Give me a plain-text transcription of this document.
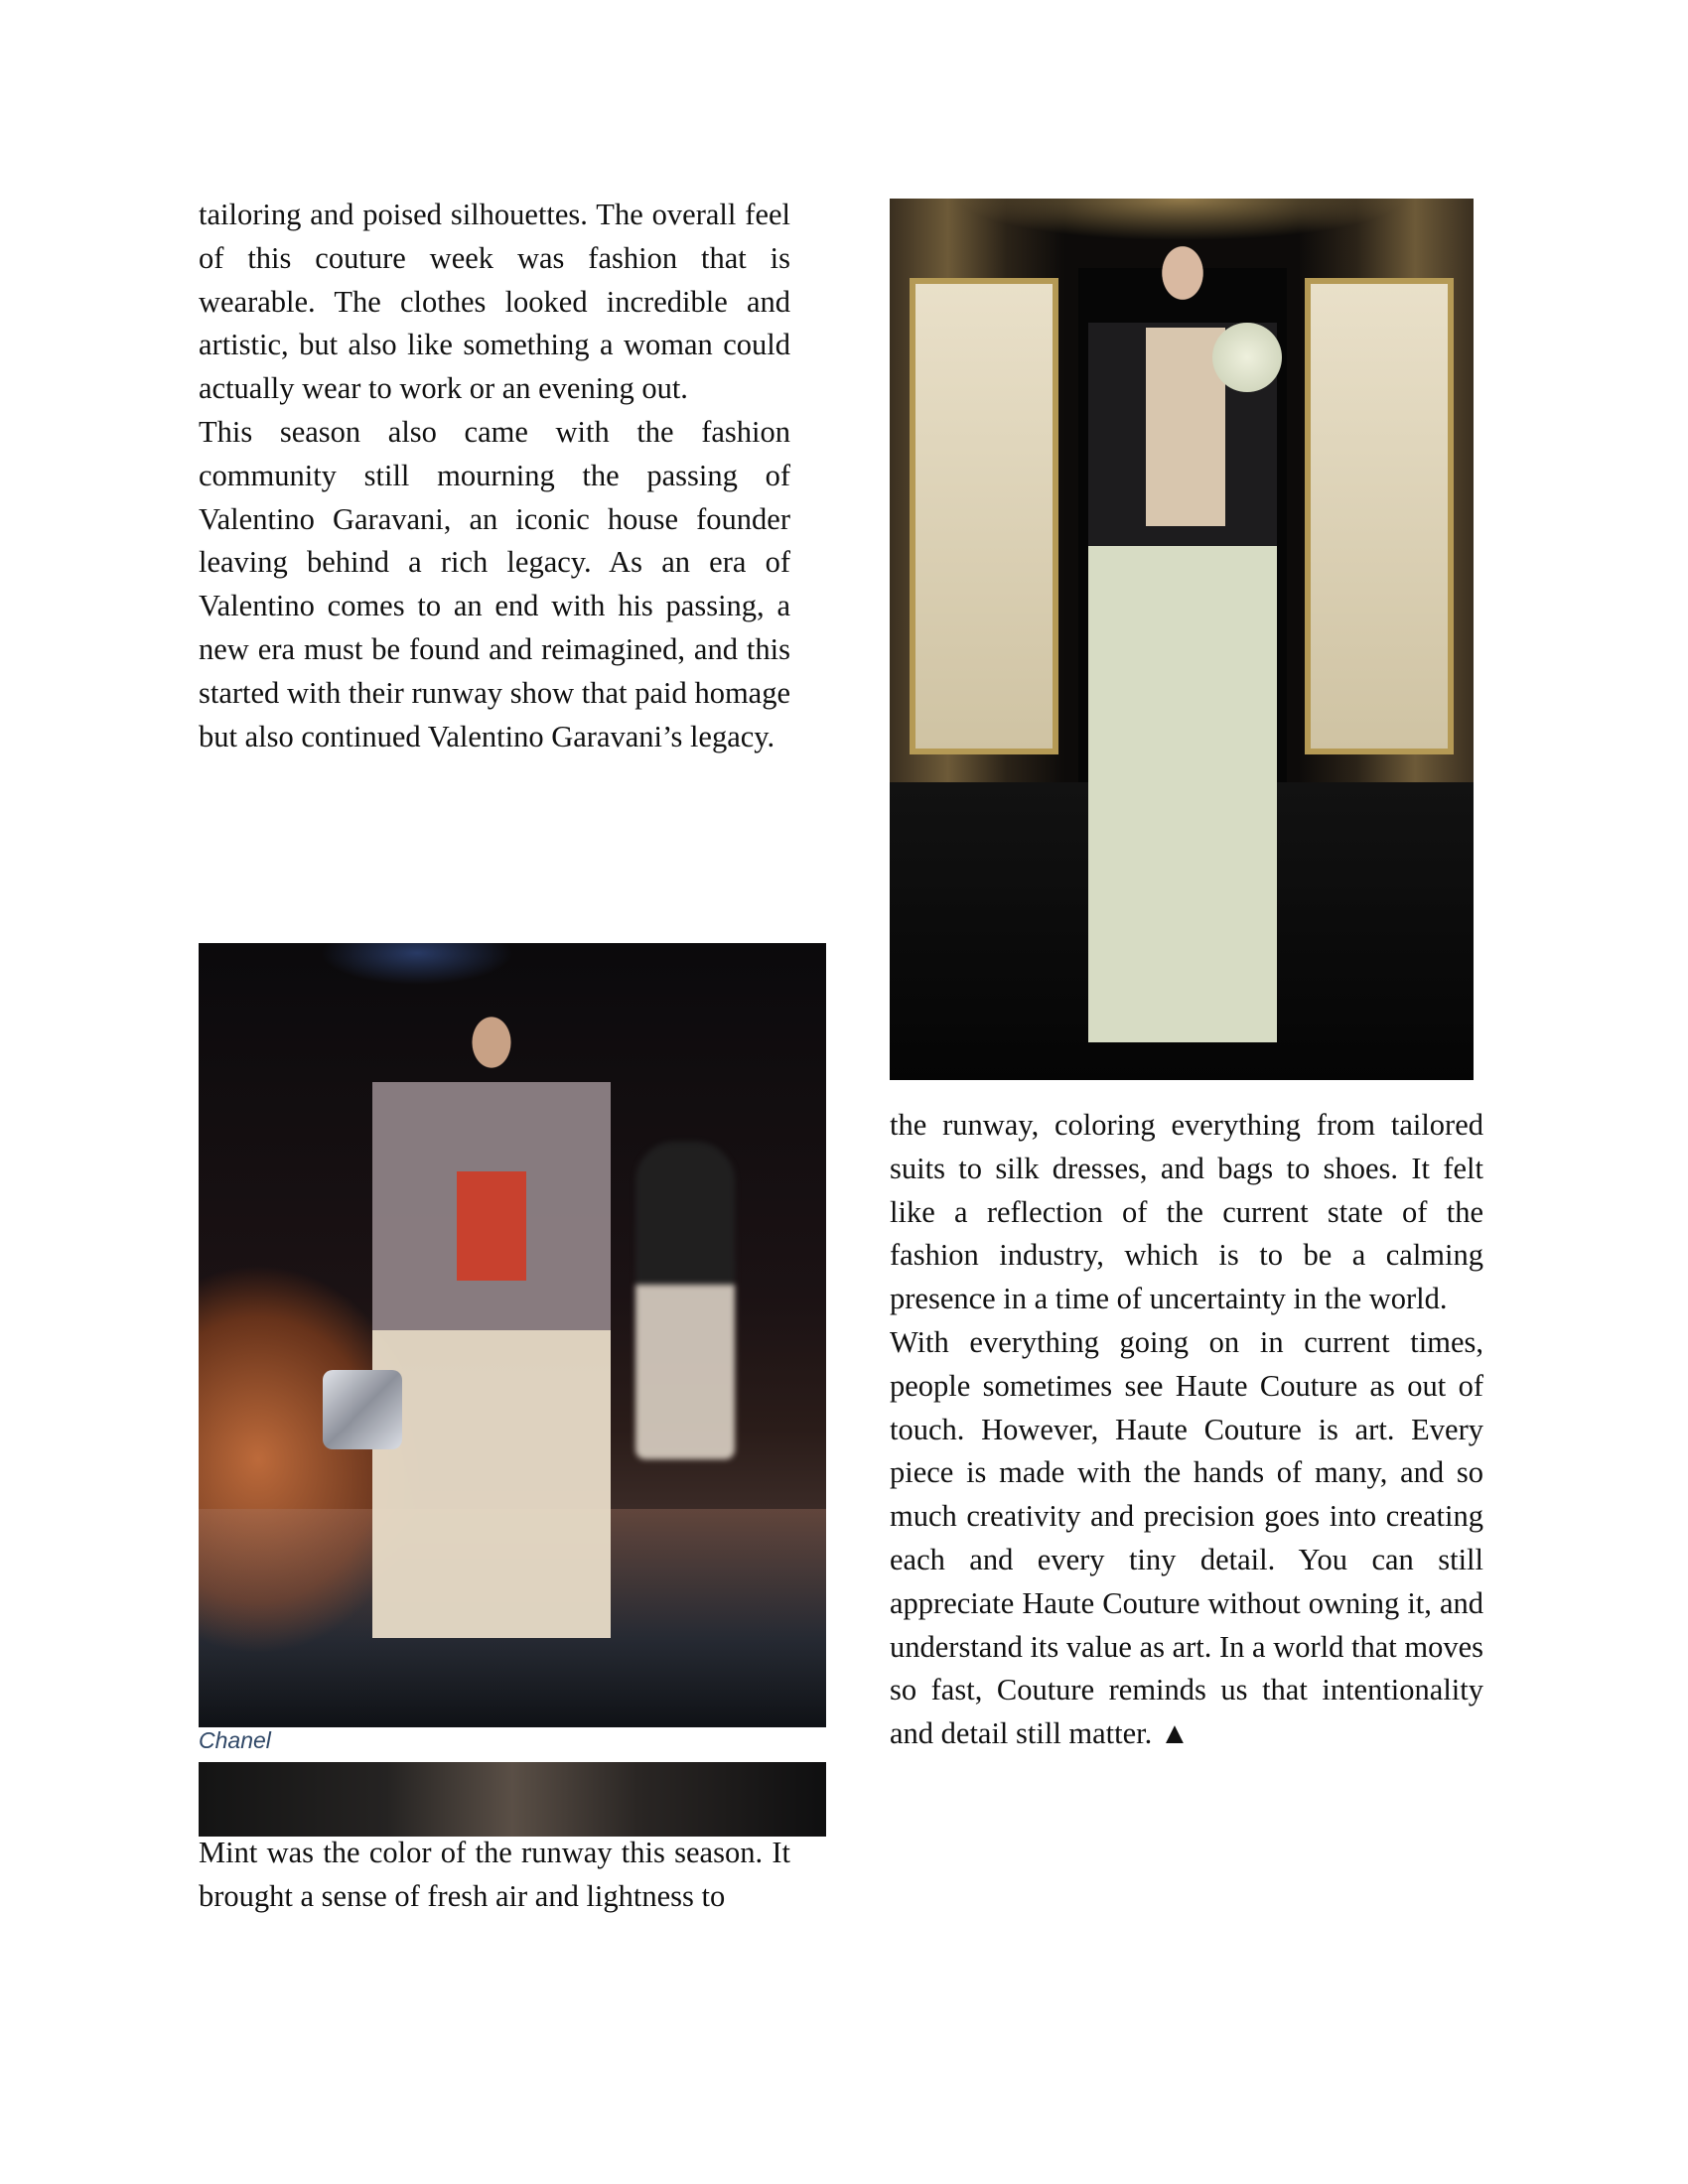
tailoring and poised silhouettes. The overall feel of this couture week was fashion that is wearable. The clothes looked incredible and artistic, but also like something a woman could actually wear to work or an evening out.

This season also came with the fashion community still mourning the passing of Valentino Garavani, an iconic house founder leaving behind a rich legacy. As an era of Valentino comes to an end with his passing, a new era must be found and reimagined, and this started with their runway show that paid homage but also continued Valentino Garavani’s legacy.

Chanel

Mint was the color of the runway this season. It brought a sense of fresh air and lightness to

the runway, coloring everything from tailored suits to silk dresses, and bags to shoes. It felt like a reflection of the current state of the fashion industry, which is to be a calming presence in a time of uncertainty in the world.

With everything going on in current times, people sometimes see Haute Couture as out of touch. However, Haute Couture is art. Every piece is made with the hands of many, and so much creativity and precision goes into creating each and every tiny detail. You can still appreciate Haute Couture without owning it, and understand its value as art. In a world that moves so fast, Couture reminds us that intentionality and detail still matter. ▲
